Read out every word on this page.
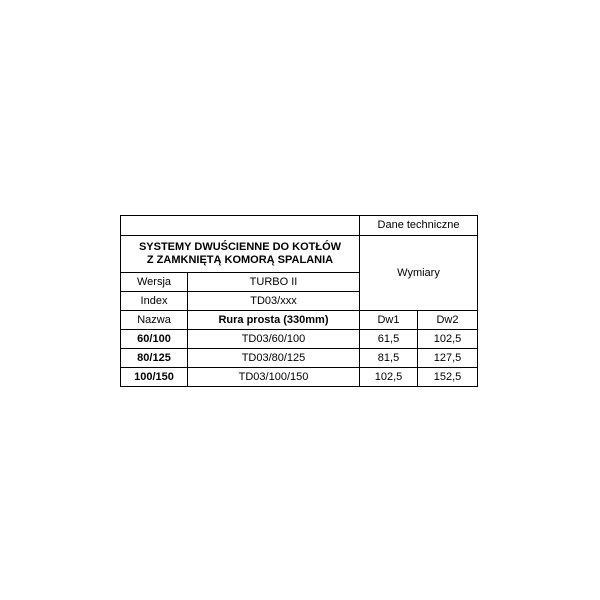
		Dane techniczne	

SYSTEMY DWUŚCIENNE DO KOTŁÓW
Z ZAMKNIĘTĄ KOMORĄ SPALANIA		Wymiary	
Wersja	TURBO II		
Index	TD03/xxx		
Nazwa	Rura prosta (330mm)	Dw1	Dw2
60/100	TD03/60/100	61,5	102,5
80/125	TD03/80/125	81,5	127,5
100/150	TD03/100/150	102,5	152,5
